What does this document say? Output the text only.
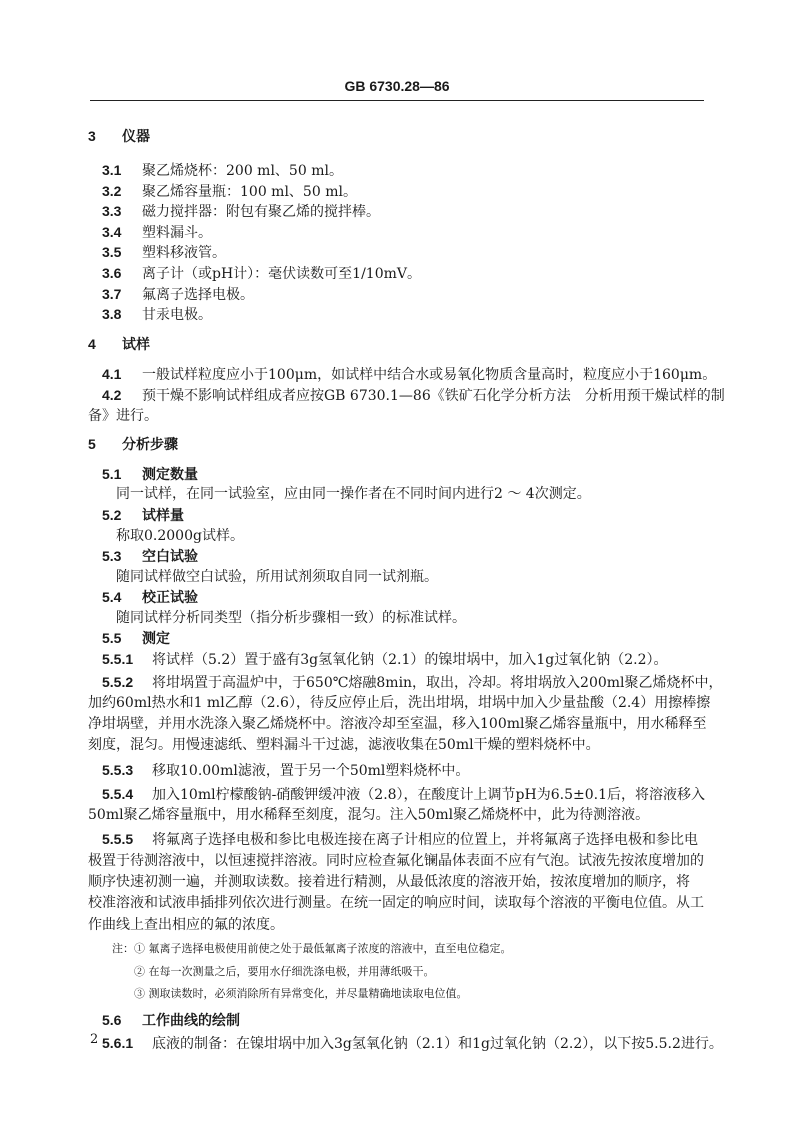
GB 6730.28—86
3 仪器
3.1 聚乙烯烧杯：200 ml、50 ml。
3.2 聚乙烯容量瓶：100 ml、50 ml。
3.3 磁力搅拌器：附包有聚乙烯的搅拌棒。
3.4 塑料漏斗。
3.5 塑料移液管。
3.6 离子计（或pH计）：毫伏读数可至1/10mV。
3.7 氟离子选择电极。
3.8 甘汞电极。
4 试样
4.1 一般试样粒度应小于100μm，如试样中结合水或易氧化物质含量高时，粒度应小于160μm。
4.2 预干燥不影响试样组成者应按GB 6730.1—86《铁矿石化学分析方法　分析用预干燥试样的制
备》进行。
5 分析步骤
5.1 测定数量
同一试样，在同一试验室，应由同一操作者在不同时间内进行2 ～ 4次测定。
5.2 试样量
称取0.2000g试样。
5.3 空白试验
随同试样做空白试验，所用试剂须取自同一试剂瓶。
5.4 校正试验
随同试样分析同类型（指分析步骤相一致）的标准试样。
5.5 测定
5.5.1 将试样（5.2）置于盛有3g氢氧化钠（2.1）的镍坩埚中，加入1g过氧化钠（2.2）。
5.5.2 将坩埚置于高温炉中，于650℃熔融8min，取出，冷却。将坩埚放入200ml聚乙烯烧杯中，
加约60ml热水和1 ml乙醇（2.6），待反应停止后，洗出坩埚，坩埚中加入少量盐酸（2.4）用擦棒擦
净坩埚壁，并用水洗涤入聚乙烯烧杯中。溶液冷却至室温，移入100ml聚乙烯容量瓶中，用水稀释至
刻度，混匀。用慢速滤纸、塑料漏斗干过滤，滤液收集在50ml干燥的塑料烧杯中。
5.5.3 移取10.00ml滤液，置于另一个50ml塑料烧杯中。
5.5.4 加入10ml柠檬酸钠-硝酸钾缓冲液（2.8），在酸度计上调节pH为6.5±0.1后，将溶液移入
50ml聚乙烯容量瓶中，用水稀释至刻度，混匀。注入50ml聚乙烯烧杯中，此为待测溶液。
5.5.5 将氟离子选择电极和参比电极连接在离子计相应的位置上，并将氟离子选择电极和参比电
极置于待测溶液中，以恒速搅拌溶液。同时应检查氟化镧晶体表面不应有气泡。试液先按浓度增加的
顺序快速初测一遍，并测取读数。接着进行精测，从最低浓度的溶液开始，按浓度增加的顺序，将
校准溶液和试液串插排列依次进行测量。在统一固定的响应时间，读取每个溶液的平衡电位值。从工
作曲线上查出相应的氟的浓度。
注： ① 氟离子选择电极使用前使之处于最低氟离子浓度的溶液中，直至电位稳定。
② 在每一次测量之后，要用水仔细洗涤电极，并用薄纸吸干。
③ 测取读数时，必须消除所有异常变化，并尽量精确地读取电位值。
5.6 工作曲线的绘制
5.6.1 底液的制备：在镍坩埚中加入3g氢氧化钠（2.1）和1g过氧化钠（2.2），以下按5.5.2进行。
2
